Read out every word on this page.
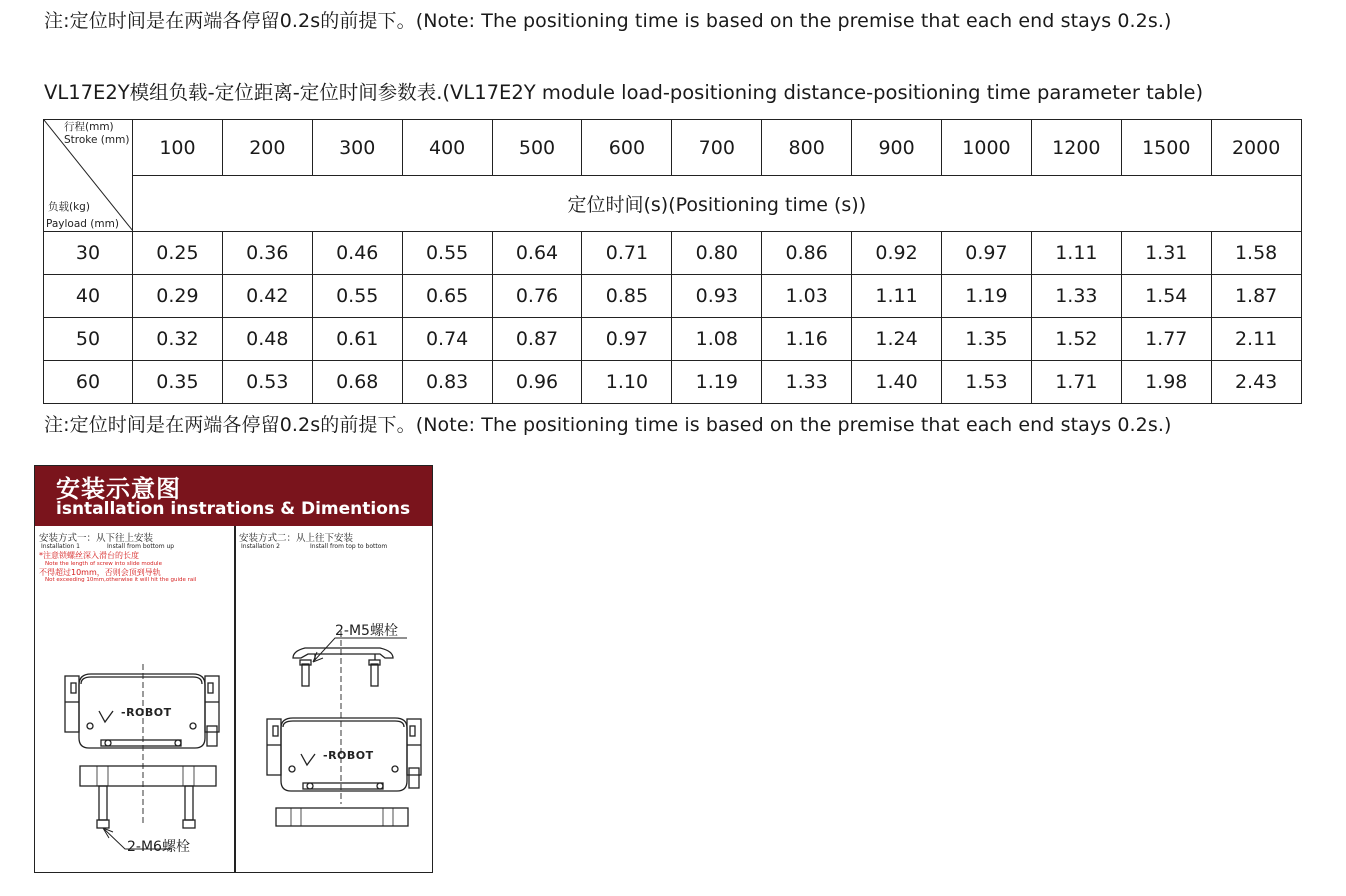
注:定位时间是在两端各停留0.2s的前提下。(Note: The positioning time is based on the premise that each end stays 0.2s.)
VL17E2Y模组负载-定位距离-定位时间参数表.(VL17E2Y module load-positioning distance-positioning time parameter table)
行程(mm)
Stroke (mm)
负载(kg)
Payload (mm)	100	200	300	400	500	600	700	800	900	1000	1200	1500	2000
	定位时间(s)(Positioning time (s))												
30	0.25	0.36	0.46	0.55	0.64	0.71	0.80	0.86	0.92	0.97	1.11	1.31	1.58
40	0.29	0.42	0.55	0.65	0.76	0.85	0.93	1.03	1.11	1.19	1.33	1.54	1.87
50	0.32	0.48	0.61	0.74	0.87	0.97	1.08	1.16	1.24	1.35	1.52	1.77	2.11
60	0.35	0.53	0.68	0.83	0.96	1.10	1.19	1.33	1.40	1.53	1.71	1.98	2.43
注:定位时间是在两端各停留0.2s的前提下。(Note: The positioning time is based on the premise that each end stays 0.2s.)
安装示意图
isntallation instrations & Dimentions
安装方式一：从下往上安装
Installation 1	Install from bottom up
*注意锁螺丝深入滑台的长度
Note the length of screw into slide module
不得超过10mm，否则会顶到导轨
Not exceeding 10mm,otherwise it will hit the guide rail
安装方式二：从上往下安装
Installation 2	Install from top to bottom
-ROBOT
-ROBOT
2-M6螺栓
2-M5螺栓
